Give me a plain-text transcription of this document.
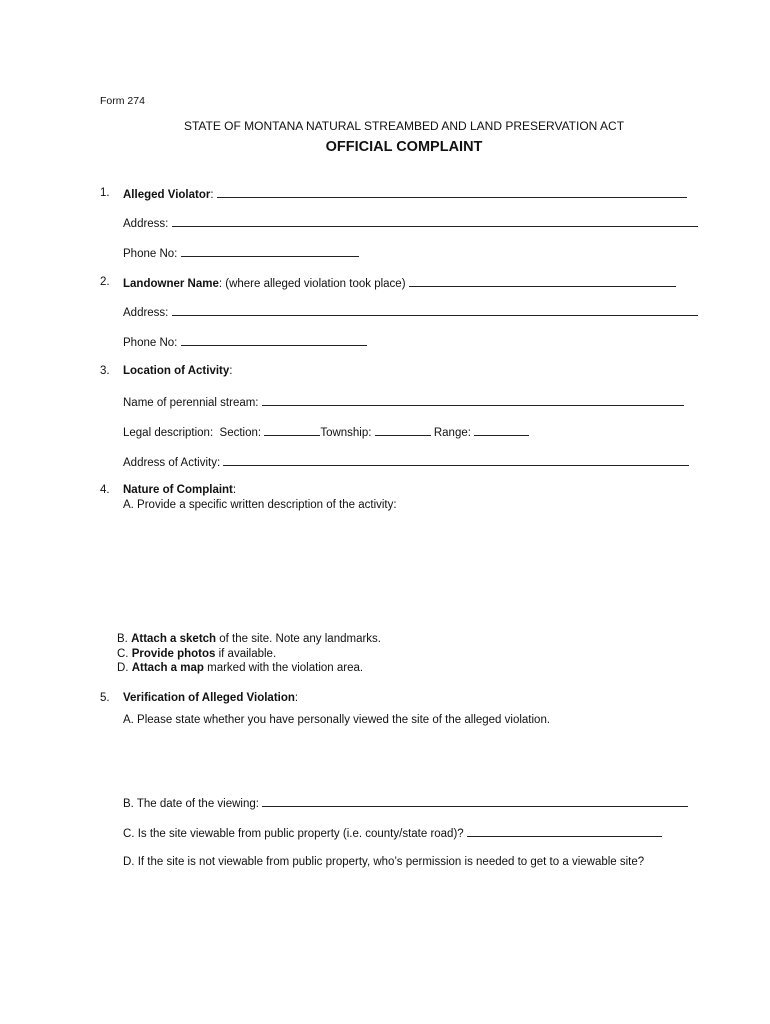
Form 274
STATE OF MONTANA NATURAL STREAMBED AND LAND PRESERVATION ACT
OFFICIAL COMPLAINT
1. Alleged Violator:
Address:
Phone No:
2. Landowner Name: (where alleged violation took place)
Address:
Phone No:
3. Location of Activity:
Name of perennial stream:
Legal description: Section:	Township:	Range:
Address of Activity:
4. Nature of Complaint:
A. Provide a specific written description of the activity:
B. Attach a sketch of the site. Note any landmarks.
C. Provide photos if available.
D. Attach a map marked with the violation area.
5. Verification of Alleged Violation:
A. Please state whether you have personally viewed the site of the alleged violation.
B. The date of the viewing:
C. Is the site viewable from public property (i.e. county/state road)?
D. If the site is not viewable from public property, who’s permission is needed to get to a viewable site?
